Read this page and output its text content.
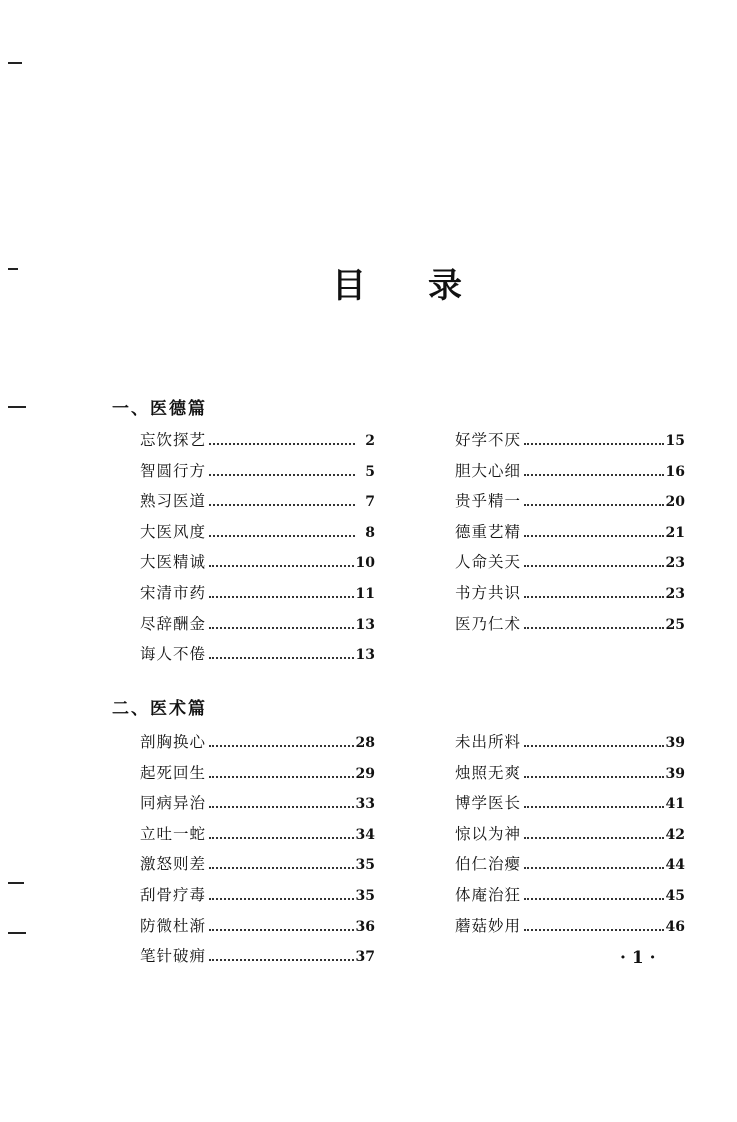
目 录
一、医德篇
忘饮探艺	2
智圆行方	5
熟习医道	7
大医风度	8
大医精诚	10
宋清市药	11
尽辞酬金	13
诲人不倦	13
好学不厌	15
胆大心细	16
贵乎精一	20
德重艺精	21
人命关天	23
书方共识	23
医乃仁术	25
二、医术篇
剖胸换心	28
起死回生	29
同病异治	33
立吐一蛇	34
激怒则差	35
刮骨疗毒	35
防微杜渐	36
笔针破痈	37
未出所料	39
烛照无爽	39
博学医长	41
惊以为神	42
伯仁治瘿	44
体庵治狂	45
蘑菇妙用	46
· 1 ·
